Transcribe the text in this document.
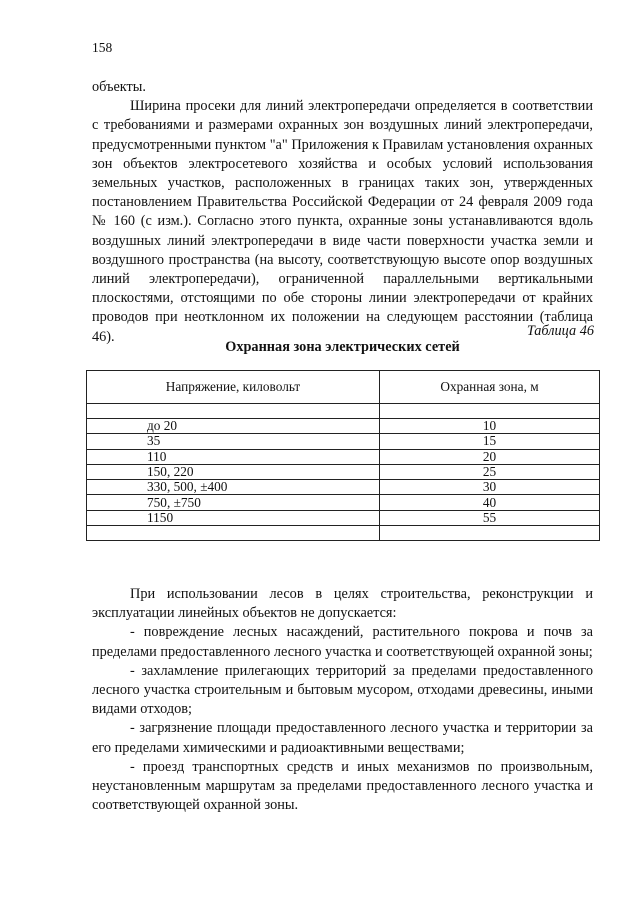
158

объекты.

Ширина просеки для линий электропередачи определяется в соответствии с требованиями и размерами охранных зон воздушных линий электропередачи, предусмотренными пунктом "а" Приложения к Правилам установления охранных зон объектов электросетевого хозяйства и особых условий использования земельных участков, расположенных в границах таких зон, утвержденных постановлением Правительства Российской Федерации от 24 февраля 2009 года № 160 (с изм.). Согласно этого пункта, охранные зоны устанавливаются вдоль воздушных линий электропередачи в виде части поверхности участка земли и воздушного пространства (на высоту, соответствующую высоте опор воздушных линий электропередачи), ограниченной параллельными вертикальными плоскостями, отстоящими по обе стороны линии электропередачи от крайних проводов при неотклонном их положении на следующем расстоянии (таблица 46).	Таблица 46
Охранная зона электрических сетей
Напряжение, киловольт	Охранная зона, м

до 20	10
35	15
110	20
150, 220	25
330, 500, ±400	30
750, ±750	40
1150	55

При использовании лесов в целях строительства, реконструкции и эксплуатации линейных объектов не допускается:

- повреждение лесных насаждений, растительного покрова и почв за пределами предоставленного лесного участка и соответствующей охранной зоны;

- захламление прилегающих территорий за пределами предоставленного лесного участка строительным и бытовым мусором, отходами древесины, иными видами отходов;

- загрязнение площади предоставленного лесного участка и территории за его пределами химическими и радиоактивными веществами;

- проезд транспортных средств и иных механизмов по произвольным, неустановленным маршрутам за пределами предоставленного лесного участка и соответствующей охранной зоны.
